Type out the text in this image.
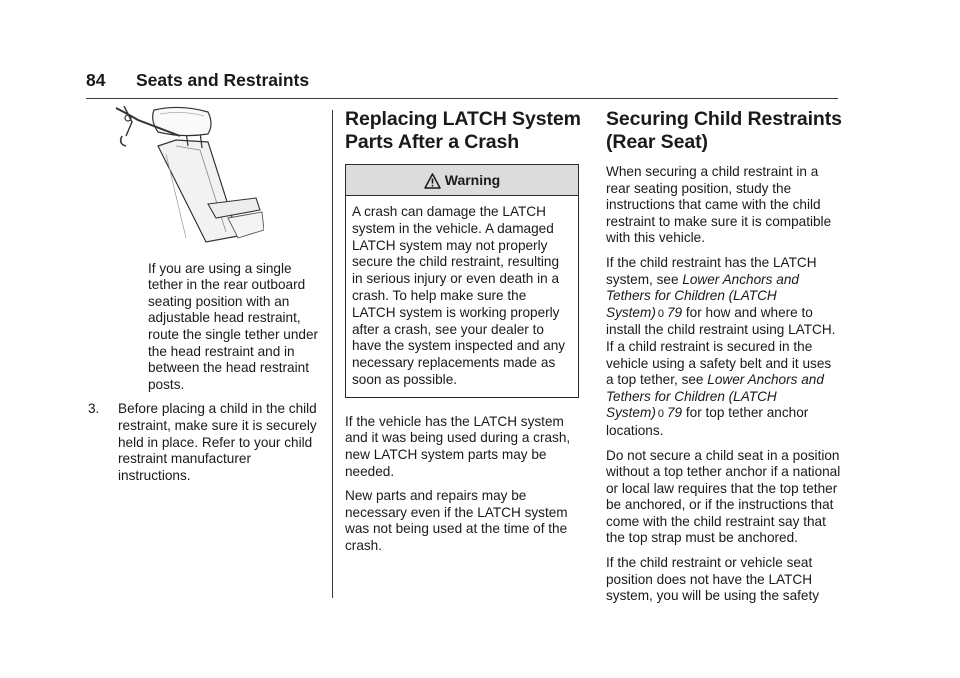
84 Seats and Restraints
If you are using a single tether in the rear outboard seating position with an adjustable head restraint, route the single tether under the head restraint and in between the head restraint posts.
3.	Before placing a child in the child restraint, make sure it is securely held in place. Refer to your child restraint manufacturer instructions.
Replacing LATCH System
Parts After a Crash
Warning
A crash can damage the LATCH system in the vehicle. A damaged LATCH system may not properly secure the child restraint, resulting in serious injury or even death in a crash. To help make sure the LATCH system is working properly after a crash, see your dealer to have the system inspected and any necessary replacements made as soon as possible.

If the vehicle has the LATCH system and it was being used during a crash, new LATCH system parts may be needed.

New parts and repairs may be necessary even if the LATCH system was not being used at the time of the crash.

Securing Child Restraints
(Rear Seat)

When securing a child restraint in a rear seating position, study the instructions that came with the child restraint to make sure it is compatible with this vehicle.

If the child restraint has the LATCH system, see Lower Anchors and Tethers for Children (LATCH System) 0 79 for how and where to install the child restraint using LATCH. If a child restraint is secured in the vehicle using a safety belt and it uses a top tether, see Lower Anchors and Tethers for Children (LATCH System) 0 79 for top tether anchor locations.

Do not secure a child seat in a position without a top tether anchor if a national or local law requires that the top tether be anchored, or if the instructions that come with the child restraint say that the top strap must be anchored.

If the child restraint or vehicle seat position does not have the LATCH system, you will be using the safety
